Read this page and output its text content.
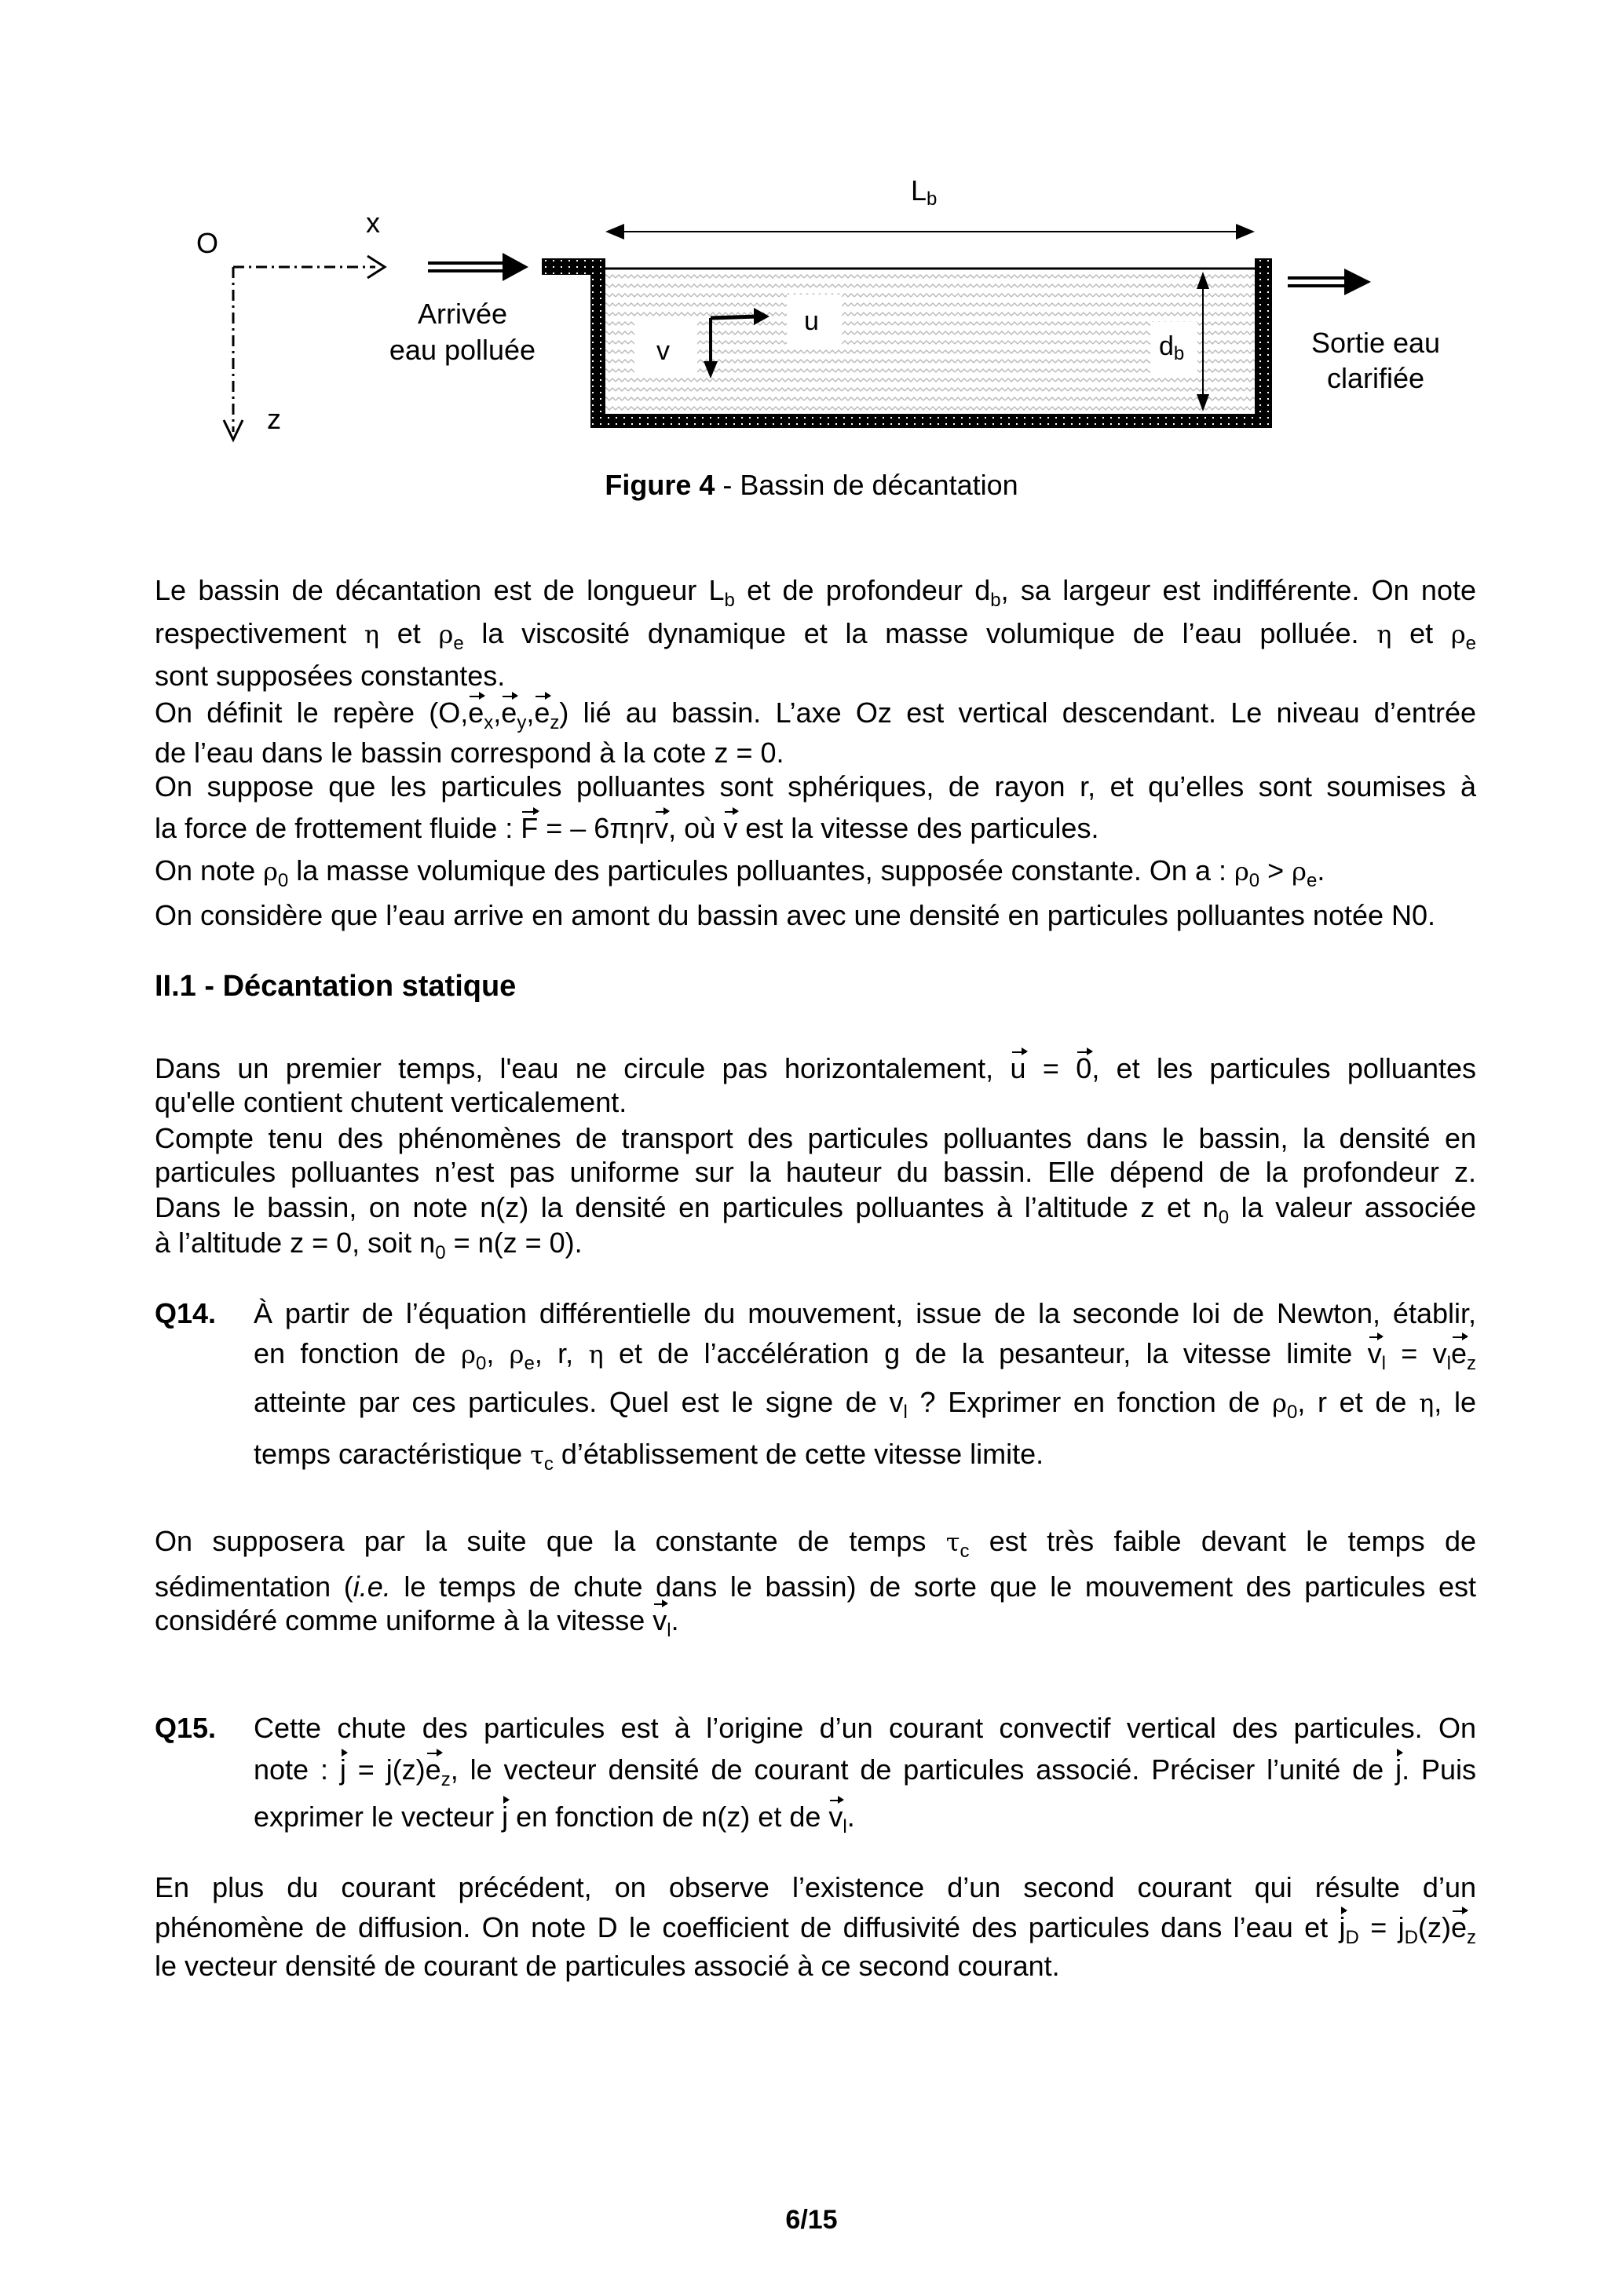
O
x
z
Arrivée
eau polluée
Lb
v
u
db	Sortie eau
clarifiée
Figure 4 - Bassin de décantation
Le bassin de décantation est de longueur $L_b$ et de profondeur $d_b$, sa largeur est indifférente. On note
respectivement η et $\rho_e$ la viscosité dynamique et la masse volumique de l’eau polluée. η et $\rho_e$
sont supposées constantes.
On définit le repère $(O,e_x,e_y,e_z)$ lié au bassin. L’axe Oz est vertical descendant. Le niveau d’entrée
de l’eau dans le bassin correspond à la cote z = 0.
On suppose que les particules polluantes sont sphériques, de rayon r, et qu’elles sont soumises à
la force de frottement fluide : F = – 6πηrv, où v est la vitesse des particules.
On note $\rho_0$ la masse volumique des particules polluantes, supposée constante. On a : $\rho_0 > \rho_e$.
On considère que l’eau arrive en amont du bassin avec une densité en particules polluantes notée N0.
Dans un premier temps, l'eau ne circule pas horizontalement, u = 0, et les particules polluantes
qu'elle contient chutent verticalement.
Compte tenu des phénomènes de transport des particules polluantes dans le bassin, la densité en
particules polluantes n’est pas uniforme sur la hauteur du bassin. Elle dépend de la profondeur z.
Dans le bassin, on note n(z) la densité en particules polluantes à l’altitude z et $n_0$ la valeur associée
à l’altitude z = 0, soit $n_0 = n(z = 0)$.
À partir de l’équation différentielle du mouvement, issue de la seconde loi de Newton, établir,
en fonction de $\rho_0$, $\rho_e$, r, η et de l’accélération g de la pesanteur, la vitesse limite $v_l = v_le_z$
atteinte par ces particules. Quel est le signe de $v_l$ ? Exprimer en fonction de $\rho_0$, r et de η, le
temps caractéristique $\tau_c$ d’établissement de cette vitesse limite.
On supposera par la suite que la constante de temps $\tau_c$ est très faible devant le temps de
sédimentation (i.e. le temps de chute dans le bassin) de sorte que le mouvement des particules est
considéré comme uniforme à la vitesse $v_l$.
Cette chute des particules est à l’origine d’un courant convectif vertical des particules. On
note : $j = j(z)e_z$, le vecteur densité de courant de particules associé. Préciser l’unité de j. Puis
exprimer le vecteur j en fonction de n(z) et de $v_l$.
En plus du courant précédent, on observe l’existence d’un second courant qui résulte d’un
phénomène de diffusion. On note D le coefficient de diffusivité des particules dans l’eau et $j_D = j_D(z)e_z$
le vecteur densité de courant de particules associé à ce second courant.
II.1 - Décantation statique
Q14.
Q15.
6/15
